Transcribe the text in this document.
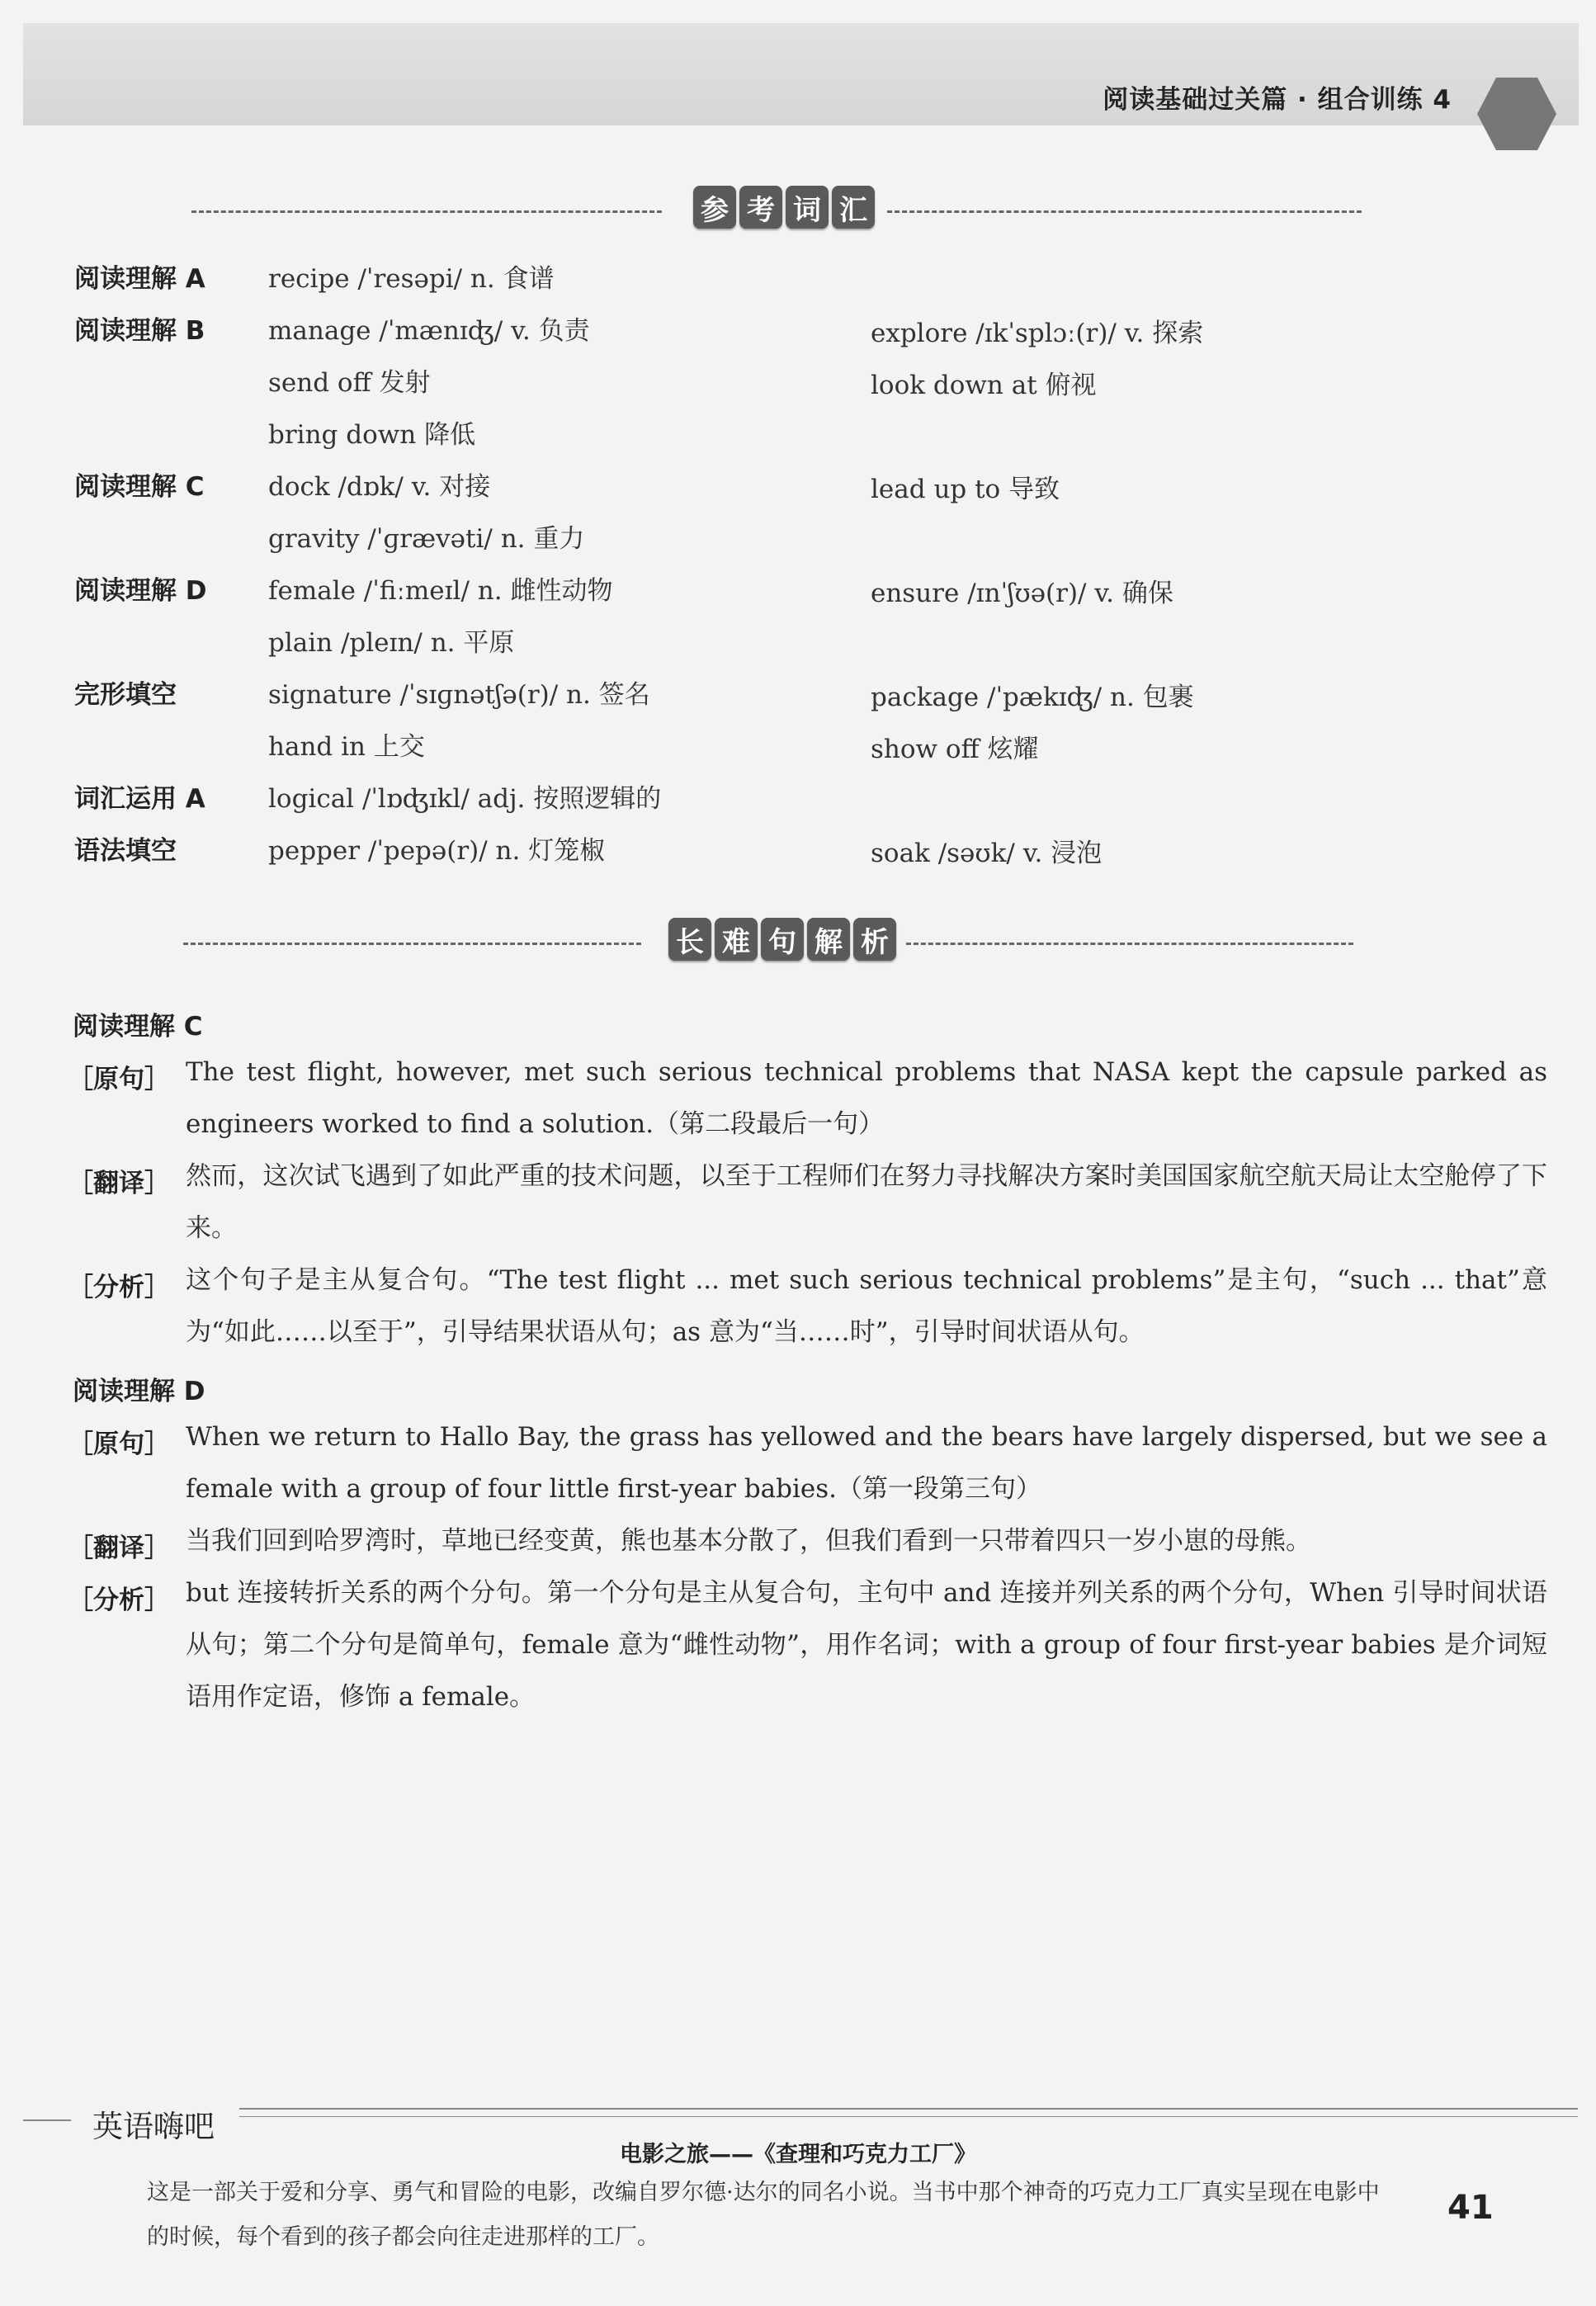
阅读基础过关篇 · 组合训练 4
参 考 词 汇
阅读理解 A recipe /ˈresəpi/ n. 食谱
阅读理解 B manage /ˈmænɪʤ/ v. 负责	explore /ɪkˈsplɔː(r)/ v. 探索
send off 发射	look down at 俯视
bring down 降低
阅读理解 C dock /dɒk/ v. 对接	lead up to 导致
gravity /ˈɡrævəti/ n. 重力
阅读理解 D female /ˈfiːmeɪl/ n. 雌性动物	ensure /ɪnˈʃʊə(r)/ v. 确保
plain /pleɪn/ n. 平原
完形填空	signature /ˈsɪɡnətʃə(r)/ n. 签名	package /ˈpækɪʤ/ n. 包裹
hand in 上交	show off 炫耀
词汇运用 A logical /ˈlɒʤɪkl/ adj. 按照逻辑的
语法填空	pepper /ˈpepə(r)/ n. 灯笼椒	soak /səʊk/ v. 浸泡
长 难 句 解 析
阅读理解 C
［原句］ The test flight, however, met such serious technical problems that NASA kept the capsule parked as engineers worked to find a solution.（第二段最后一句）
［翻译］ 然而，这次试飞遇到了如此严重的技术问题，以至于工程师们在努力寻找解决方案时美国国家航空航天局让太空舱停了下来。
［分析］ 这个句子是主从复合句。“The test flight ... met such serious technical problems”是主句，“such ... that”意为“如此……以至于”，引导结果状语从句；as 意为“当……时”，引导时间状语从句。
阅读理解 D
［原句］ When we return to Hallo Bay, the grass has yellowed and the bears have largely dispersed, but we see a female with a group of four little first-year babies.（第一段第三句）
［翻译］ 当我们回到哈罗湾时，草地已经变黄，熊也基本分散了，但我们看到一只带着四只一岁小崽的母熊。
［分析］ but 连接转折关系的两个分句。第一个分句是主从复合句，主句中 and 连接并列关系的两个分句，When 引导时间状语从句；第二个分句是简单句，female 意为“雌性动物”，用作名词；with a group of four first-year babies 是介词短语用作定语，修饰 a female。
英语嗨吧
电影之旅——《查理和巧克力工厂》
这是一部关于爱和分享、勇气和冒险的电影，改编自罗尔德·达尔的同名小说。当书中那个神奇的巧克力工厂真实呈现在电影中的时候，每个看到的孩子都会向往走进那样的工厂。
41
